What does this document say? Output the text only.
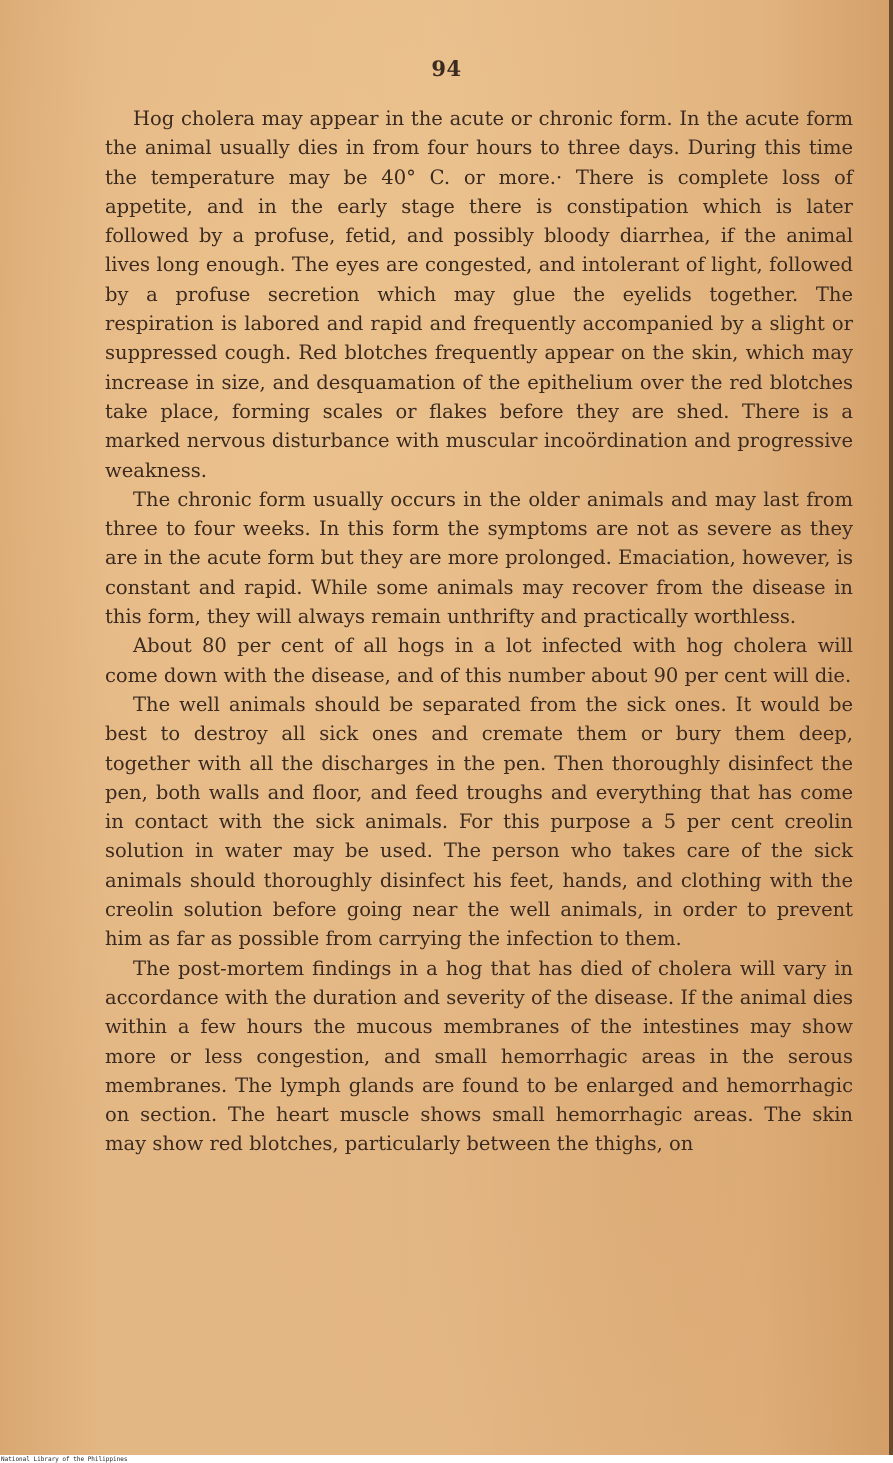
94

Hog cholera may appear in the acute or chronic form. In the acute form the animal usually dies in from four hours to three days. During this time the temperature may be 40° C. or more.· There is complete loss of appetite, and in the early stage there is constipation which is later followed by a profuse, fetid, and possibly bloody diarrhea, if the animal lives long enough. The eyes are congested, and intolerant of light, followed by a profuse secretion which may glue the eyelids together. The respiration is labored and rapid and frequently accompanied by a slight or suppressed cough. Red blotches frequently appear on the skin, which may increase in size, and desquamation of the epithelium over the red blotches take place, forming scales or flakes before they are shed. There is a marked nervous disturbance with muscular incoördination and progressive weakness.

The chronic form usually occurs in the older animals and may last from three to four weeks. In this form the symptoms are not as severe as they are in the acute form but they are more prolonged. Emaciation, however, is constant and rapid. While some animals may recover from the disease in this form, they will always remain unthrifty and practically worthless.

About 80 per cent of all hogs in a lot infected with hog cholera will come down with the disease, and of this number about 90 per cent will die.

The well animals should be separated from the sick ones. It would be best to destroy all sick ones and cremate them or bury them deep, together with all the discharges in the pen. Then thoroughly disinfect the pen, both walls and floor, and feed troughs and everything that has come in contact with the sick animals. For this purpose a 5 per cent creolin solution in water may be used. The person who takes care of the sick animals should thoroughly disinfect his feet, hands, and clothing with the creolin solution before going near the well animals, in order to prevent him as far as possible from carrying the infection to them.

The post-mortem findings in a hog that has died of cholera will vary in accordance with the duration and severity of the disease. If the animal dies within a few hours the mucous membranes of the intestines may show more or less congestion, and small hemorrhagic areas in the serous membranes. The lymph glands are found to be enlarged and hemorrhagic on section. The heart muscle shows small hemorrhagic areas. The skin may show red blotches, particularly between the thighs, on

National Library of the Philippines
